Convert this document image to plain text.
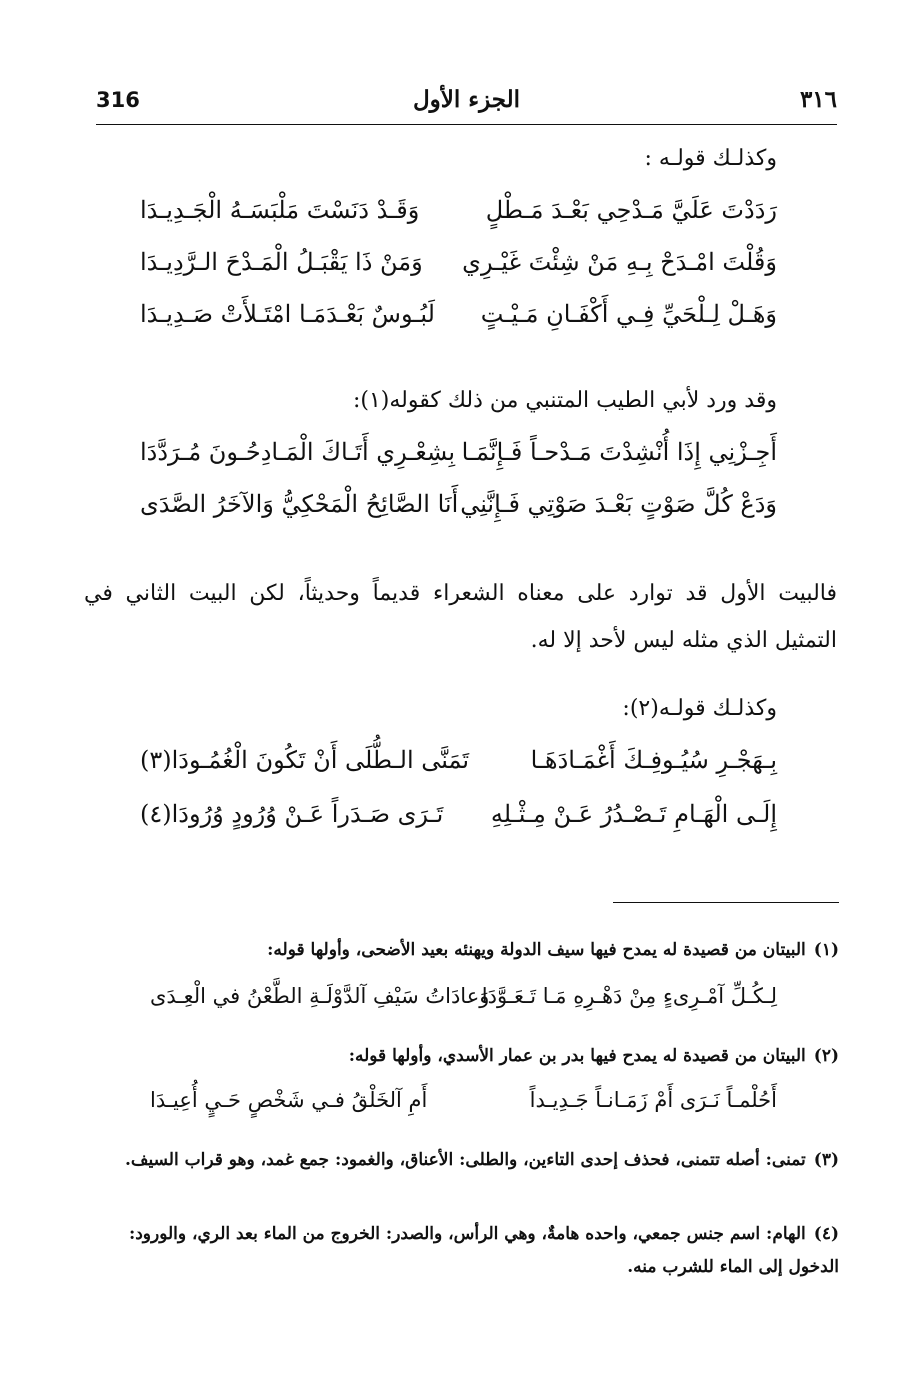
316	الجزء الأول	٣١٦
وكذلـك قولـه :
رَدَدْتَ عَلَيَّ مَـدْحِي بَعْـدَ مَـطْلٍ
وَقَـدْ دَنَسْتَ مَلْبَسَـهُ الْجَـدِيـدَا
وَقُلْتَ امْـدَحْ بِـهِ مَنْ شِئْتَ غَيْـرِي
وَمَنْ ذَا يَقْبَـلُ الْمَـدْحَ الـرَّدِيـدَا
وَهَـلْ لِـلْحَيِّ فِـي أَكْفَـانِ مَـيْـتٍ
لَبُـوسٌ بَعْـدَمَـا امْتَـلأَتْ صَـدِيـدَا
وقد ورد لأبي الطيب المتنبي من ذلك كقوله(١):
أَجِـزْنِي إِذَا أُنْشِدْتَ مَـدْحـاً فَـإِنَّمَـا
بِشِعْـرِي أَتَـاكَ الْمَـادِحُـونَ مُـرَدَّدَا
وَدَعْ كُلَّ صَوْتٍ بَعْـدَ صَوْتِي فَـإِنَّنِي
أَنَا الصَّائِحُ الْمَحْكِيُّ وَالآخَرُ الصَّدَى
فالبيت الأول قد توارد على معناه الشعراء قديماً وحديثاً، لكن البيت الثاني في التمثيل الذي مثله ليس لأحد إلا له.
وكذلـك قولـه(٢):
بِـهَجْـرِ سُيُـوفِـكَ أَغْمَـادَهَـا
تَمَنَّى الـطُّلَى أَنْ تَكُونَ الْغُمُـودَا(٣)
إِلَـى الْهَـامِ تَـصْـدُرُ عَـنْ مِـثْـلِهِ
تَـرَى صَـدَراً عَـنْ وُرُودٍ وُرُودَا(٤)
(١)البيتان من قصيدة له يمدح فيها سيف الدولة ويهنئه بعيد الأضحى، وأولها قوله:
لِـكُـلِّ آمْـرِىءٍ مِنْ دَهْـرِهِ مَـا تَـعَـوَّدَا
وَعادَاتُ سَيْفِ آلدَّوْلَـةِ الطَّعْنُ في الْعِـدَى
(٢)البيتان من قصيدة له يمدح فيها بدر بن عمار الأسدي، وأولها قوله:
أَحُلْمـاً نَـرَى أَمْ زَمَـانـاً جَـدِيـداً
أَمِ آلخَلْقُ فـي شَخْصٍ حَـيٍ أُعِيـدَا
(٣)تمنى: أصله تتمنى، فحذف إحدى التاءين، والطلى: الأعناق، والغمود: جمع غمد، وهو قراب السيف.
(٤)الهام: اسم جنس جمعي، واحده هامةٌ، وهي الرأس، والصدر: الخروج من الماء بعد الري، والورود: الدخول إلى الماء للشرب منه.
